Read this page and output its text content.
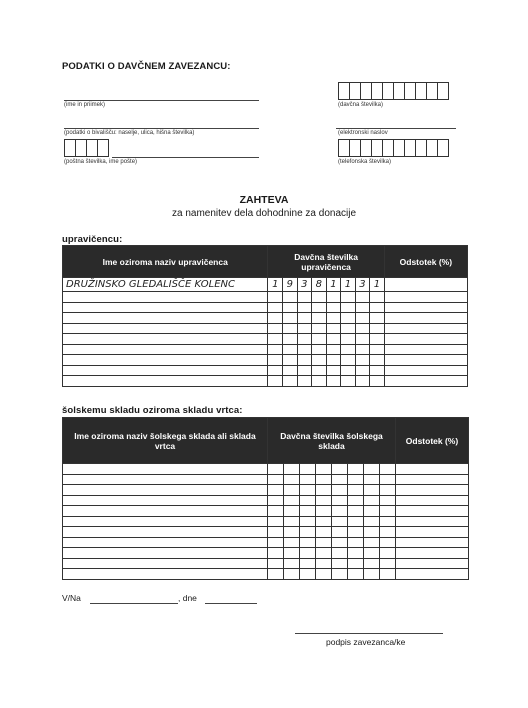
PODATKI O DAVČNEM ZAVEZANCU:
(ime in priimek)	(davčna številka)
(podatki o bivališču: naselje, ulica, hišna številka)	(elektronski naslov
(poštna številka, ime pošte)	(telefonska številka)
ZAHTEVA
za namenitev dela dohodnine za donacije
upravičencu:
Ime oziroma naziv upravičenca	Davčna številka upravičenca								Odstotek (%)
DRUŽINSKO GLEDALIŠČE KOLENC	1	9	3	8	1	1	3	1	

šolskemu skladu oziroma skladu vrtca:
Ime oziroma naziv šolskega sklada ali sklada vrtca	Davčna številka šolskega sklada								Odstotek (%)

V/Na	, dne
podpis zavezanca/ke
